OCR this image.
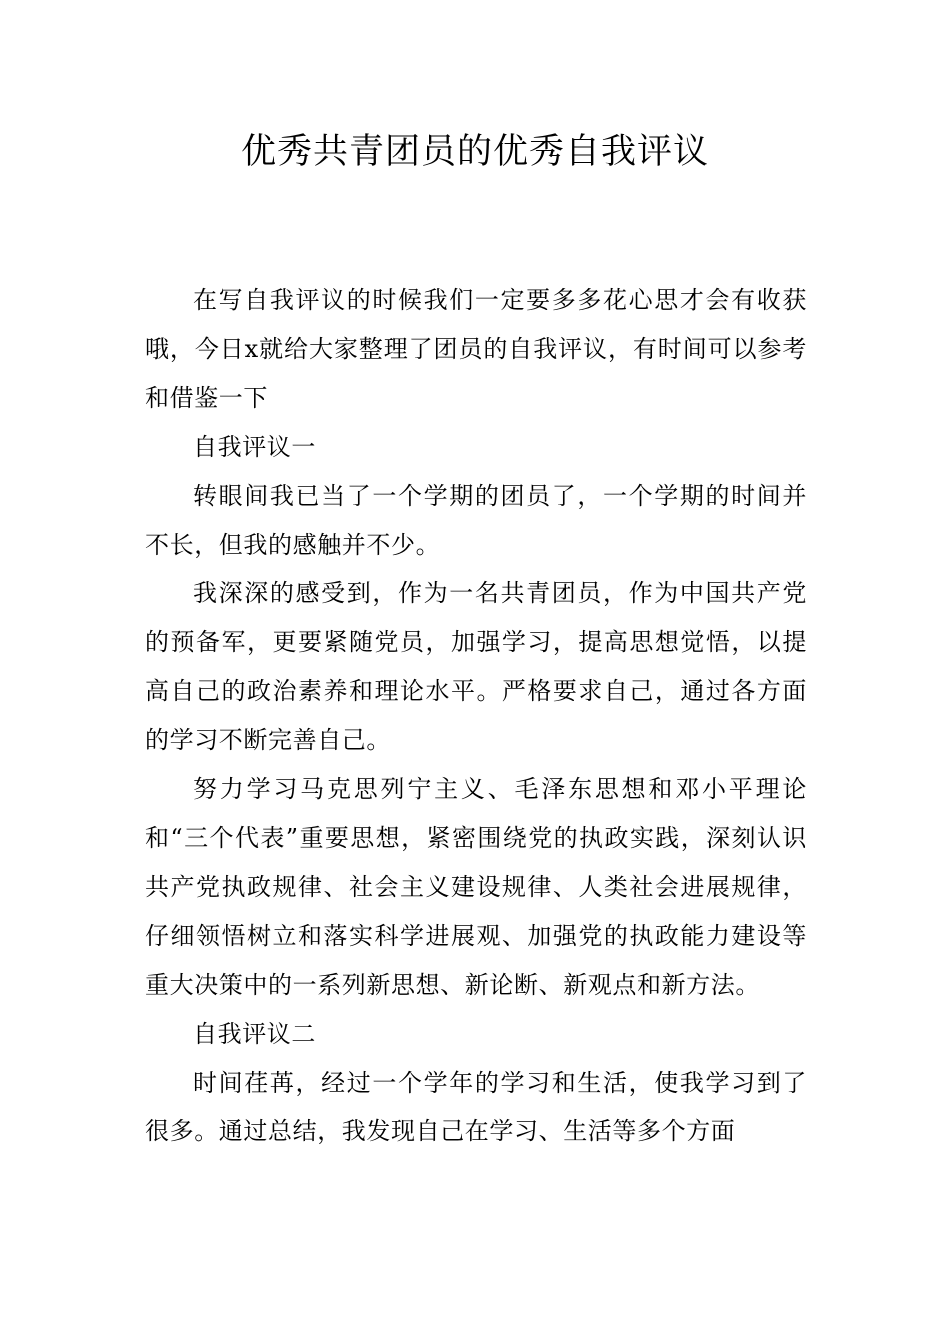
优秀共青团员的优秀自我评议

在写自我评议的时候我们一定要多多花心思才会有收获哦，今日x就给大家整理了团员的自我评议，有时间可以参考和借鉴一下

自我评议一

转眼间我已当了一个学期的团员了，一个学期的时间并不长，但我的感触并不少。

我深深的感受到，作为一名共青团员，作为中国共产党的预备军，更要紧随党员，加强学习，提高思想觉悟，以提高自己的政治素养和理论水平。严格要求自己，通过各方面的学习不断完善自己。

努力学习马克思列宁主义、毛泽东思想和邓小平理论和“三个代表”重要思想，紧密围绕党的执政实践，深刻认识共产党执政规律、社会主义建设规律、人类社会进展规律，仔细领悟树立和落实科学进展观、加强党的执政能力建设等重大决策中的一系列新思想、新论断、新观点和新方法。

自我评议二

时间荏苒，经过一个学年的学习和生活，使我学习到了很多。通过总结，我发现自己在学习、生活等多个方面
